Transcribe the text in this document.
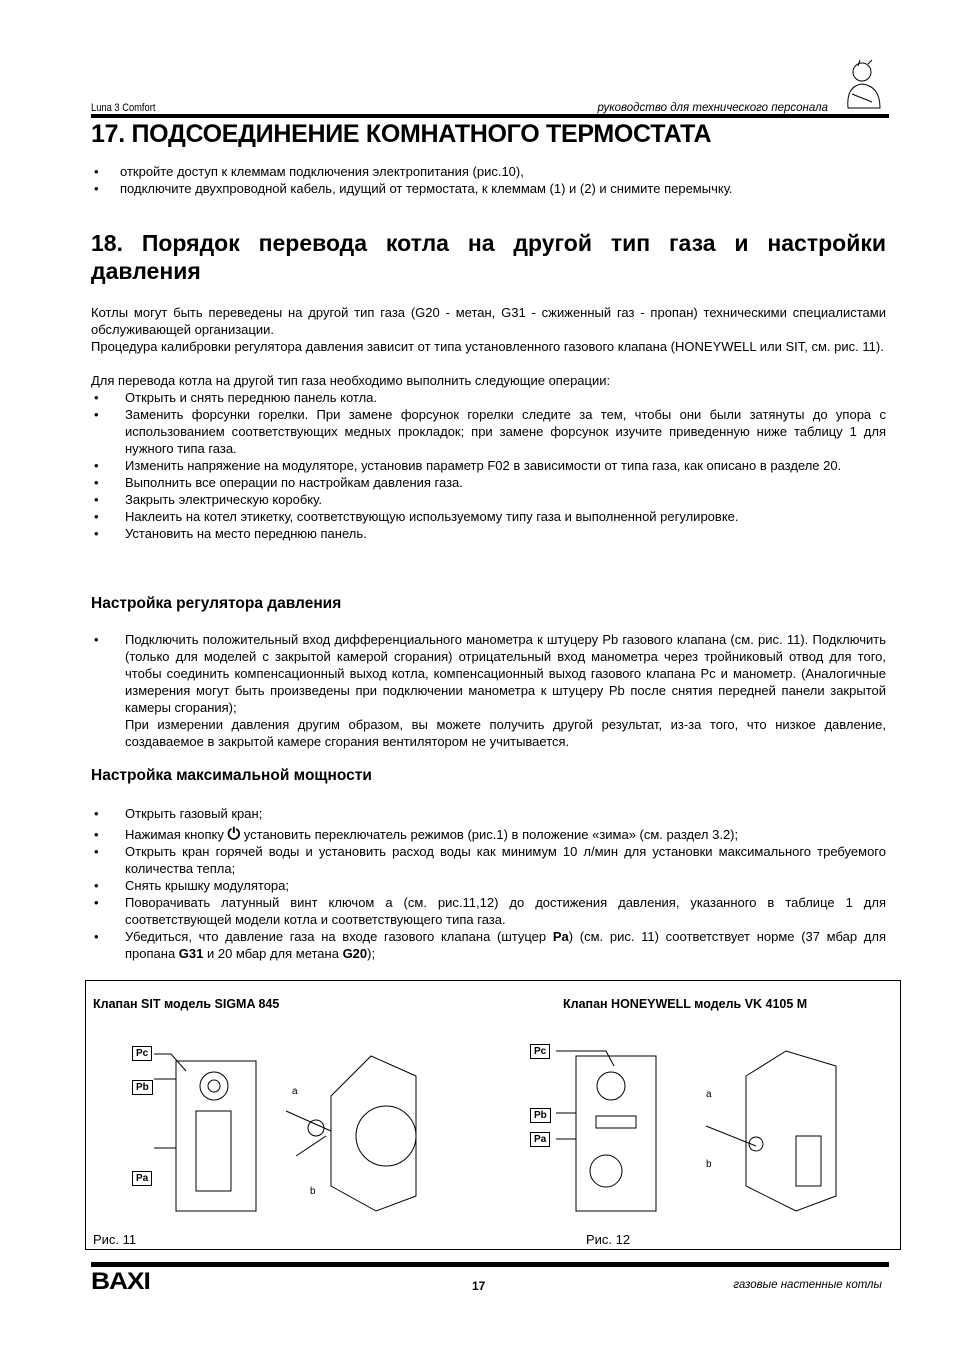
Luna 3 Comfort	руководство для технического персонала
17. ПОДСОЕДИНЕНИЕ КОМНАТНОГО ТЕРМОСТАТА
• откройте доступ к клеммам подключения электропитания (рис.10),
• подключите двухпроводной кабель, идущий от термостата, к клеммам (1) и (2) и снимите перемычку.
18. Порядок перевода котла на другой тип газа и настройки давления
Котлы могут быть переведены на другой тип газа (G20 - метан, G31 - сжиженный газ - пропан) техническими специалистами обслуживающей организации.
Процедура калибровки регулятора давления зависит от типа установленного газового клапана (HONEYWELL или SIT, см. рис. 11).
Для перевода котла на другой тип газа необходимо выполнить следующие операции:
• Открыть и снять переднюю панель котла.
• Заменить форсунки горелки. При замене форсунок горелки следите за тем, чтобы они были затянуты до упора с использованием соответствующих медных прокладок; при замене форсунок изучите приведенную ниже таблицу 1 для нужного типа газа.
• Изменить напряжение на модуляторе, установив параметр F02 в зависимости от типа газа, как описано в разделе 20.
• Выполнить все операции по настройкам давления газа.
• Закрыть электрическую коробку.
• Наклеить на котел этикетку, соответствующую используемому типу газа и выполненной регулировке.
• Установить на место переднюю панель.
Настройка регулятора давления
• Подключить положительный вход дифференциального манометра к штуцеру Pb газового клапана (см. рис. 11). Подключить (только для моделей с закрытой камерой сгорания) отрицательный вход манометра через тройниковый отвод для того, чтобы соединить компенсационный выход котла, компенсационный выход газового клапана Pc и манометр. (Аналогичные измерения могут быть произведены при подключении манометра к штуцеру Pb после снятия передней панели закрытой камеры сгорания);
При измерении давления другим образом, вы можете получить другой результат, из-за того, что низкое давление, создаваемое в закрытой камере сгорания вентилятором не учитывается.
Настройка максимальной мощности
• Открыть газовый кран;
• Нажимая кнопку ⏻ установить переключатель режимов (рис.1) в положение «зима» (см. раздел 3.2);
• Открыть кран горячей воды и установить расход воды как минимум 10 л/мин для установки максимального требуемого количества тепла;
• Снять крышку модулятора;
• Поворачивать латунный винт ключом а (см. рис.11,12) до достижения давления, указанного в таблице 1 для соответствующей модели котла и соответствующего типа газа.
• Убедиться, что давление газа на входе газового клапана (штуцер Pa) (см. рис. 11) соответствует норме (37 мбар для пропана G31 и 20 мбар для метана G20);
Клапан SIT модель SIGMA 845	Клапан HONEYWELL модель VK 4105 M
a
b
Pc
Pb
Pa
a
b
Pc
Pb
Pa
Рис. 11	Рис. 12
BAXI	17	газовые настенные котлы
